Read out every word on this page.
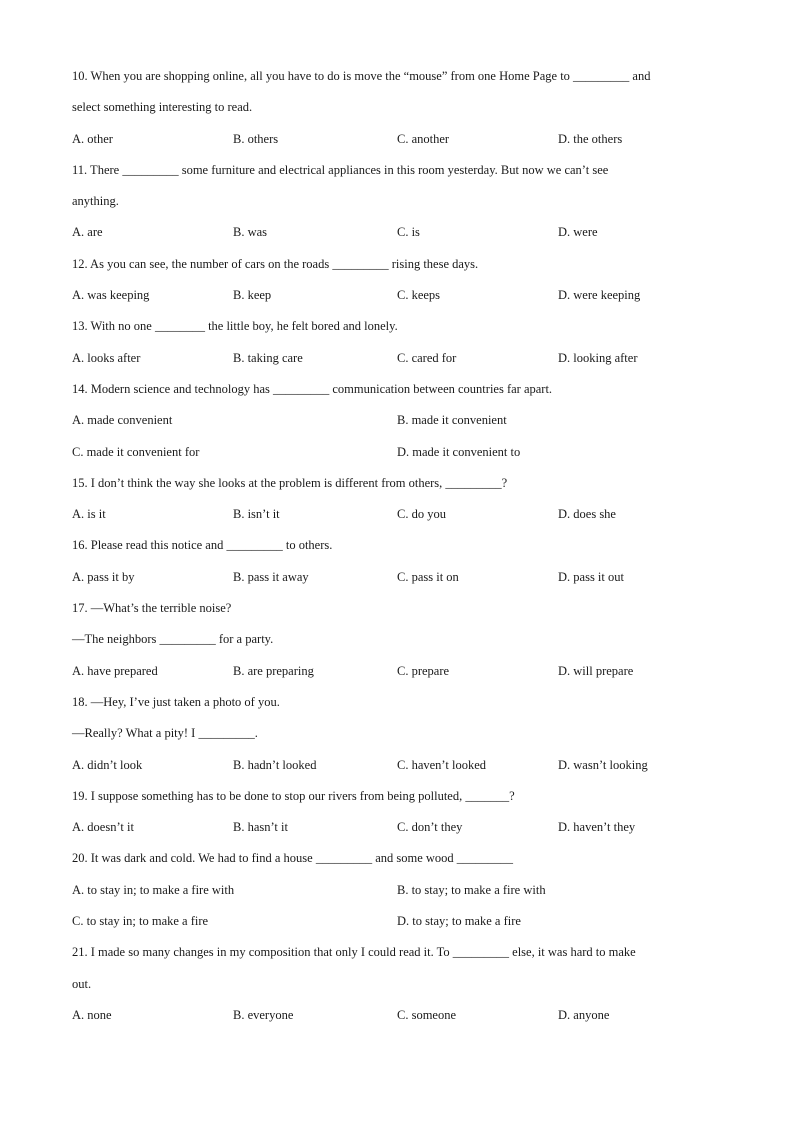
10. When you are shopping online, all you have to do is move the “mouse” from one Home Page to _________ and
select something interesting to read.
A. other	B. others	C. another	D. the others
11. There _________ some furniture and electrical appliances in this room yesterday. But now we can’t see
anything.
A. are	B. was	C. is	D. were
12. As you can see, the number of cars on the roads _________ rising these days.
A. was keeping	B. keep	C. keeps	D. were keeping
13. With no one ________ the little boy, he felt bored and lonely.
A. looks after	B. taking care	C. cared for	D. looking after
14. Modern science and technology has _________ communication between countries far apart.
A. made convenient	B. made it convenient
C. made it convenient for	D. made it convenient to
15. I don’t think the way she looks at the problem is different from others, _________?
A. is it	B. isn’t it	C. do you	D. does she
16. Please read this notice and _________ to others.
A. pass it by	B. pass it away	C. pass it on	D. pass it out
17. —What’s the terrible noise?
—The neighbors _________ for a party.
A. have prepared	B. are preparing	C. prepare	D. will prepare
18. —Hey, I’ve just taken a photo of you.
—Really? What a pity! I _________.
A. didn’t look	B. hadn’t looked	C. haven’t looked	D. wasn’t looking
19. I suppose something has to be done to stop our rivers from being polluted, _______?
A. doesn’t it	B. hasn’t it	C. don’t they	D. haven’t they
20. It was dark and cold. We had to find a house _________ and some wood _________
A. to stay in; to make a fire with	B. to stay; to make a fire with
C. to stay in; to make a fire	D. to stay; to make a fire
21. I made so many changes in my composition that only I could read it. To _________ else, it was hard to make
out.
A. none	B. everyone	C. someone	D. anyone
